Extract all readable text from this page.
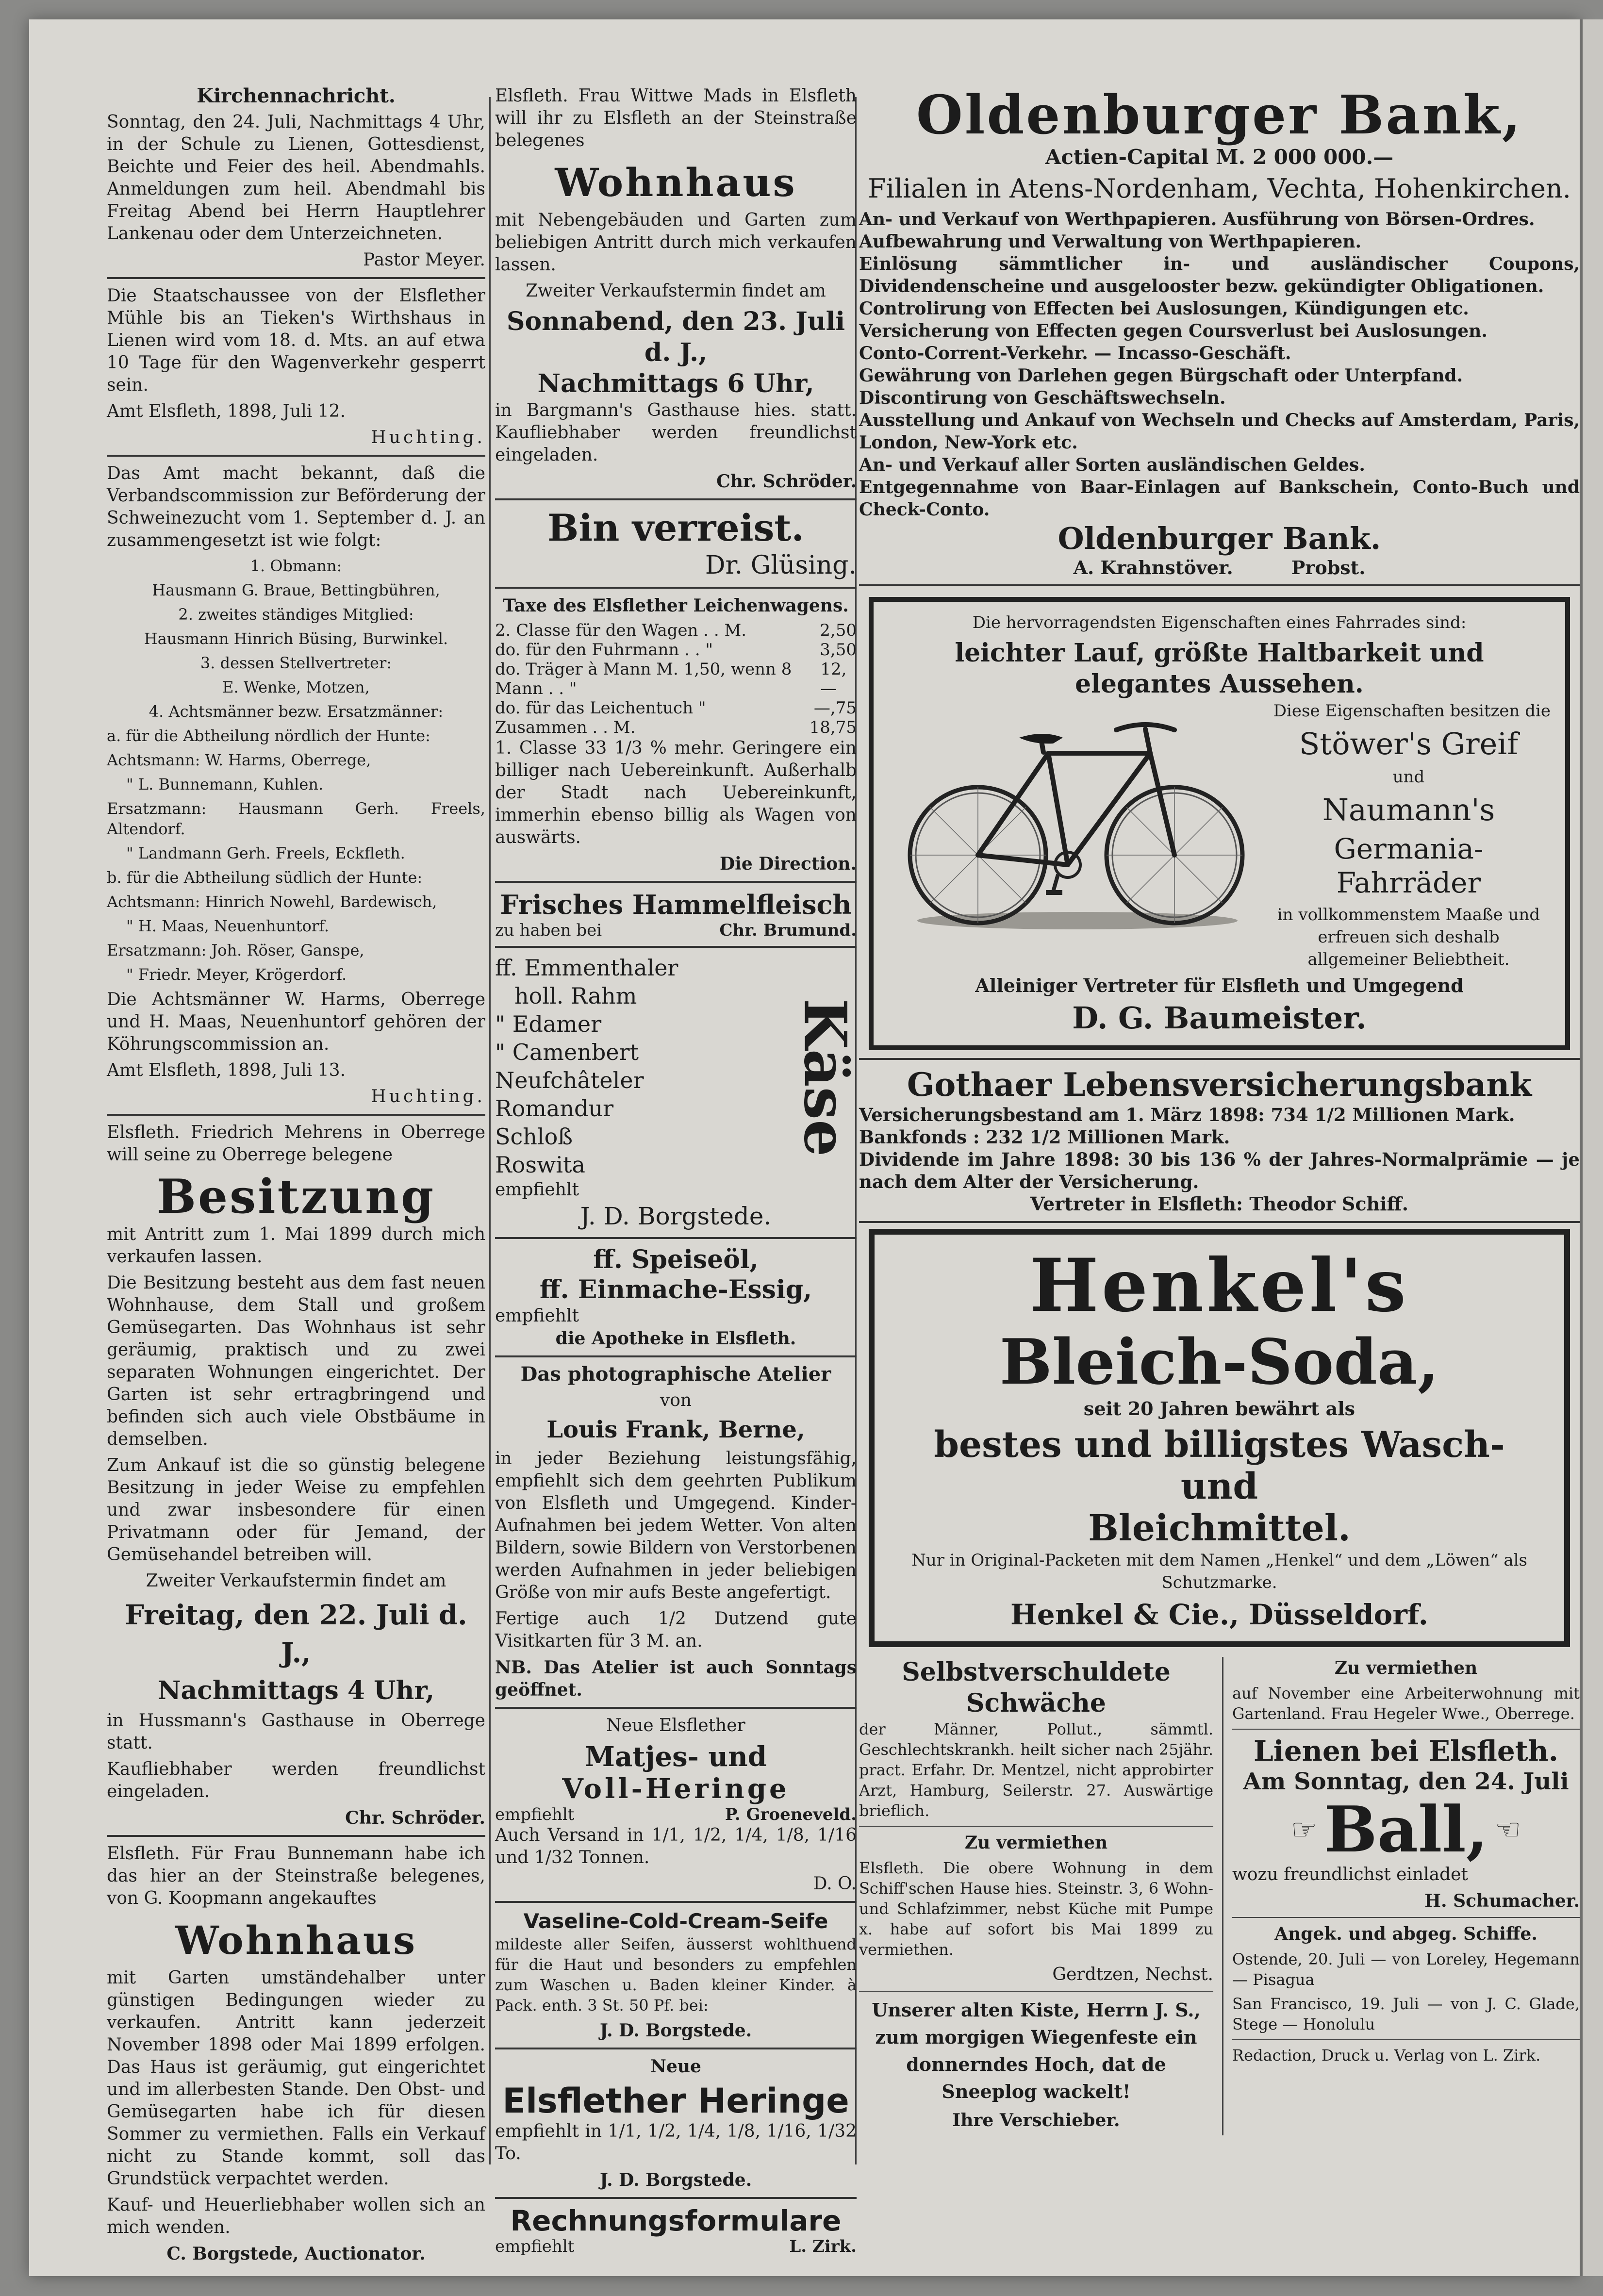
Kirchennachricht.

Sonntag, den 24. Juli, Nachmittags 4 Uhr, in der Schule zu Lienen, Gottesdienst, Beichte und Feier des heil. Abendmahls. Anmeldungen zum heil. Abendmahl bis Freitag Abend bei Herrn Hauptlehrer Lankenau oder dem Unterzeichneten.

Pastor Meyer.

Die Staatschaussee von der Elsflether Mühle bis an Tieken's Wirthshaus in Lienen wird vom 18. d. Mts. an auf etwa 10 Tage für den Wagenverkehr gesperrt sein.

Amt Elsfleth, 1898, Juli 12.

Huchting.

Das Amt macht bekannt, daß die Verbandscommission zur Beförderung der Schweinezucht vom 1. September d. J. an zusammengesetzt ist wie folgt:

1. Obmann:

Hausmann G. Braue, Bettingbühren,

2. zweites ständiges Mitglied:

Hausmann Hinrich Büsing, Burwinkel.

3. dessen Stellvertreter:

E. Wenke, Motzen,

4. Achtsmänner bezw. Ersatzmänner:

a. für die Abtheilung nördlich der Hunte:

Achtsmann: W. Harms, Oberrege,

" L. Bunnemann, Kuhlen.

Ersatzmann: Hausmann Gerh. Freels, Altendorf.

" Landmann Gerh. Freels, Eckfleth.

b. für die Abtheilung südlich der Hunte:

Achtsmann: Hinrich Nowehl, Bardewisch,

" H. Maas, Neuenhuntorf.

Ersatzmann: Joh. Röser, Ganspe,

" Friedr. Meyer, Krögerdorf.

Die Achtsmänner W. Harms, Oberrege und H. Maas, Neuenhuntorf gehören der Köhrungscommission an.

Amt Elsfleth, 1898, Juli 13.

Huchting.

Elsfleth. Friedrich Mehrens in Oberrege will seine zu Oberrege belegene

Besitzung

mit Antritt zum 1. Mai 1899 durch mich verkaufen lassen.

Die Besitzung besteht aus dem fast neuen Wohnhause, dem Stall und großem Gemüsegarten. Das Wohnhaus ist sehr geräumig, praktisch und zu zwei separaten Wohnungen eingerichtet. Der Garten ist sehr ertragbringend und befinden sich auch viele Obstbäume in demselben.

Zum Ankauf ist die so günstig belegene Besitzung in jeder Weise zu empfehlen und zwar insbesondere für einen Privatmann oder für Jemand, der Gemüsehandel betreiben will.

Zweiter Verkaufstermin findet am

Freitag, den 22. Juli d. J.,

Nachmittags 4 Uhr,

in Hussmann's Gasthause in Oberrege statt.

Kaufliebhaber werden freundlichst eingeladen.

Chr. Schröder.

Elsfleth. Für Frau Bunnemann habe ich das hier an der Steinstraße belegenes, von G. Koopmann angekauftes

Wohnhaus

mit Garten umständehalber unter günstigen Bedingungen wieder zu verkaufen. Antritt kann jederzeit November 1898 oder Mai 1899 erfolgen. Das Haus ist geräumig, gut eingerichtet und im allerbesten Stande. Den Obst- und Gemüsegarten habe ich für diesen Sommer zu vermiethen. Falls ein Verkauf nicht zu Stande kommt, soll das Grundstück verpachtet werden.

Kauf- und Heuerliebhaber wollen sich an mich wenden.

C. Borgstede, Auctionator.

Elsfleth. Frau Wittwe Mads in Elsfleth will ihr zu Elsfleth an der Steinstraße belegenes

Wohnhaus

mit Nebengebäuden und Garten zum beliebigen Antritt durch mich verkaufen lassen.

Zweiter Verkaufstermin findet am

Sonnabend, den 23. Juli d. J.,

Nachmittags 6 Uhr,

in Bargmann's Gasthause hies. statt. Kaufliebhaber werden freundlichst eingeladen.

Chr. Schröder.

Bin verreist.

Dr. Glüsing.

Taxe des Elsflether Leichenwagens.

2. Classe für den Wagen . . M.	2,50
do. für den Fuhrmann . . "	3,50
do. Träger à Mann M. 1,50, wenn 8 Mann . . "
12,—
do. für das Leichentuch "	—,75
Zusammen . . M.	18,75

1. Classe 33 1/3 % mehr. Geringere ein billiger nach Uebereinkunft. Außerhalb der Stadt nach Uebereinkunft, immerhin ebenso billig als Wagen von auswärts.

Die Direction.

Frisches Hammelfleisch

zu haben bei	Chr. Brumund.

ff. Emmenthaler

holl. Rahm

" Edamer

" Camenbert

Neufchâteler

Romandur

Schloß

Roswita

empfiehlt

Käse

J. D. Borgstede.

ff. Speiseöl,

ff. Einmache-Essig,

empfiehlt

die Apotheke in Elsfleth.

Das photographische Atelier

von

Louis Frank, Berne,

in jeder Beziehung leistungsfähig, empfiehlt sich dem geehrten Publikum von Elsfleth und Umgegend. Kinder-Aufnahmen bei jedem Wetter. Von alten Bildern, sowie Bildern von Verstorbenen werden Aufnahmen in jeder beliebigen Größe von mir aufs Beste angefertigt.

Fertige auch 1/2 Dutzend gute Visitkarten für 3 M. an.

NB. Das Atelier ist auch Sonntags geöffnet.

Neue Elsflether

Matjes- und

Voll-Heringe

empfiehlt	P. Groeneveld.

Auch Versand in 1/1, 1/2, 1/4, 1/8, 1/16 und 1/32 Tonnen.

D. O.

Vaseline-Cold-Cream-Seife

mildeste aller Seifen, äusserst wohlthuend für die Haut und besonders zu empfehlen zum Waschen u. Baden kleiner Kinder. à Pack. enth. 3 St. 50 Pf. bei:

J. D. Borgstede.

Neue

Elsflether Heringe

empfiehlt in 1/1, 1/2, 1/4, 1/8, 1/16, 1/32 To.

J. D. Borgstede.

Rechnungsformulare

empfiehlt	L. Zirk.

Oldenburger Bank,

Actien-Capital M. 2 000 000.—

Filialen in Atens-Nordenham, Vechta, Hohenkirchen.

An- und Verkauf von Werthpapieren. Ausführung von Börsen-Ordres.

Aufbewahrung und Verwaltung von Werthpapieren.

Einlösung sämmtlicher in- und ausländischer Coupons, Dividendenscheine und ausgelooster bezw. gekündigter Obligationen.

Controlirung von Effecten bei Auslosungen, Kündigungen etc.

Versicherung von Effecten gegen Coursverlust bei Auslosungen.

Conto-Corrent-Verkehr. — Incasso-Geschäft.

Gewährung von Darlehen gegen Bürgschaft oder Unterpfand.

Discontirung von Geschäftswechseln.

Ausstellung und Ankauf von Wechseln und Checks auf Amsterdam, Paris, London, New-York etc.

An- und Verkauf aller Sorten ausländischen Geldes.

Entgegennahme von Baar-Einlagen auf Bankschein, Conto-Buch und Check-Conto.

Oldenburger Bank.

A. Krahnstöver.	Probst.

Die hervorragendsten Eigenschaften eines Fahrrades sind:

leichter Lauf, größte Haltbarkeit und elegantes Aussehen.

Diese Eigenschaften besitzen die

Stöwer's Greif

und

Naumann's

Germania-Fahrräder

in vollkommenstem Maaße und erfreuen sich deshalb allgemeiner Beliebtheit.

Alleiniger Vertreter für Elsfleth und Umgegend

D. G. Baumeister.

Gothaer Lebensversicherungsbank

Versicherungsbestand am 1. März 1898: 734 1/2 Millionen Mark.

Bankfonds : 232 1/2 Millionen Mark.

Dividende im Jahre 1898: 30 bis 136 % der Jahres-Normalprämie — je nach dem Alter der Versicherung.

Vertreter in Elsfleth: Theodor Schiff.

Henkel's

Bleich-Soda,

seit 20 Jahren bewährt als

bestes und billigstes Wasch- und

Bleichmittel.

Nur in Original-Packeten mit dem Namen „Henkel“ und dem „Löwen“ als Schutzmarke.

Henkel & Cie., Düsseldorf.

Selbstverschuldete Schwäche

der Männer, Pollut., sämmtl. Geschlechtskrankh. heilt sicher nach 25jähr. pract. Erfahr. Dr. Mentzel, nicht approbirter Arzt, Hamburg, Seilerstr. 27. Auswärtige brieflich.

Zu vermiethen

Elsfleth. Die obere Wohnung in dem Schiff'schen Hause hies. Steinstr. 3, 6 Wohn- und Schlafzimmer, nebst Küche mit Pumpe x. habe auf sofort bis Mai 1899 zu vermiethen.

Gerdtzen, Nechst.

Unserer alten Kiste, Herrn J. S., zum morgigen Wiegenfeste ein donnerndes Hoch, dat de Sneeplog wackelt!

Ihre Verschieber.

Zu vermiethen

auf November eine Arbeiterwohnung mit Gartenland. Frau Hegeler Wwe., Oberrege.

Lienen bei Elsfleth.

Am Sonntag, den 24. Juli

☞ Ball, ☜

wozu freundlichst einladet

H. Schumacher.

Angek. und abgeg. Schiffe.

Ostende, 20. Juli — von Loreley, Hegemann — Pisagua

San Francisco, 19. Juli — von J. C. Glade, Stege — Honolulu

Redaction, Druck u. Verlag von L. Zirk.
